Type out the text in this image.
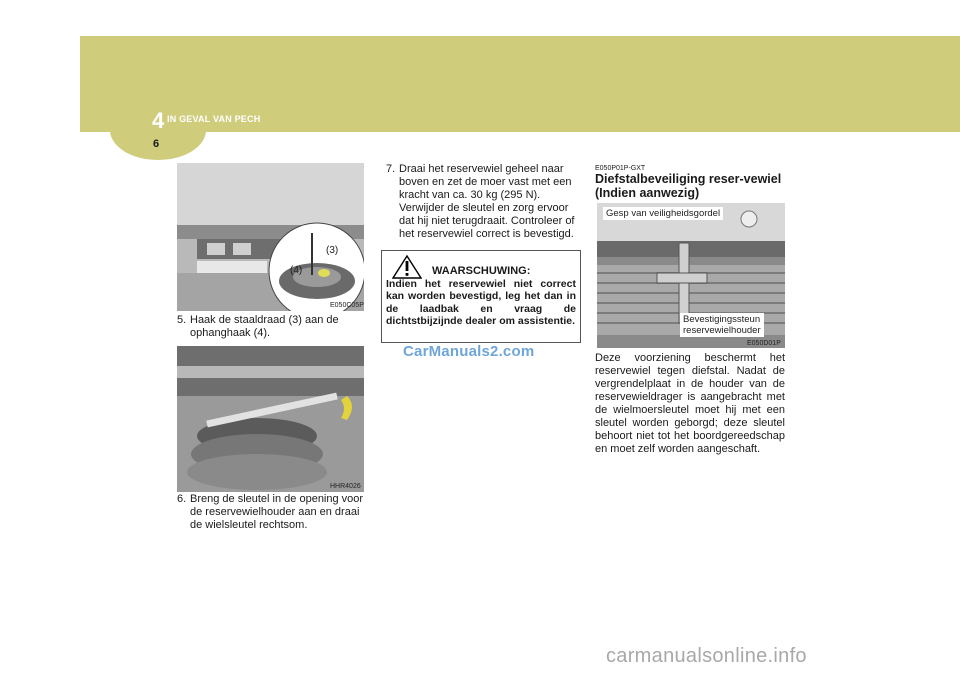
4 IN GEVAL VAN PECH
6
(3)
(4)
E050C05P
5. Haak de staaldraad (3) aan de ophanghaak (4).
HHR4026
6. Breng de sleutel in de opening voor de reservewielhouder aan en draai de wielsleutel rechtsom.
7. Draai het reservewiel geheel naar boven en zet de moer vast met een kracht van ca. 30 kg (295 N). Verwijder de sleutel en zorg ervoor dat hij niet terugdraait. Controleer of het reservewiel correct is bevestigd.
WAARSCHUWING:
Indien het reservewiel niet correct kan worden bevestigd, leg het dan in de laadbak en vraag de dichtstbijzijnde dealer om assistentie.
CarManuals2.com
E050P01P-GXT
Diefstalbeveiliging reser-vewiel (Indien aanwezig)
Gesp van veiligheidsgordel
Bevestigingssteun
reservewielhouder
E050D01P
Deze voorziening beschermt het reservewiel tegen diefstal. Nadat de vergrendelplaat in de houder van de reservewieldrager is aangebracht met de wielmoersleutel moet hij met een sleutel worden geborgd; deze sleutel behoort niet tot het boordgereedschap en moet zelf worden aangeschaft.
carmanualsonline.info
